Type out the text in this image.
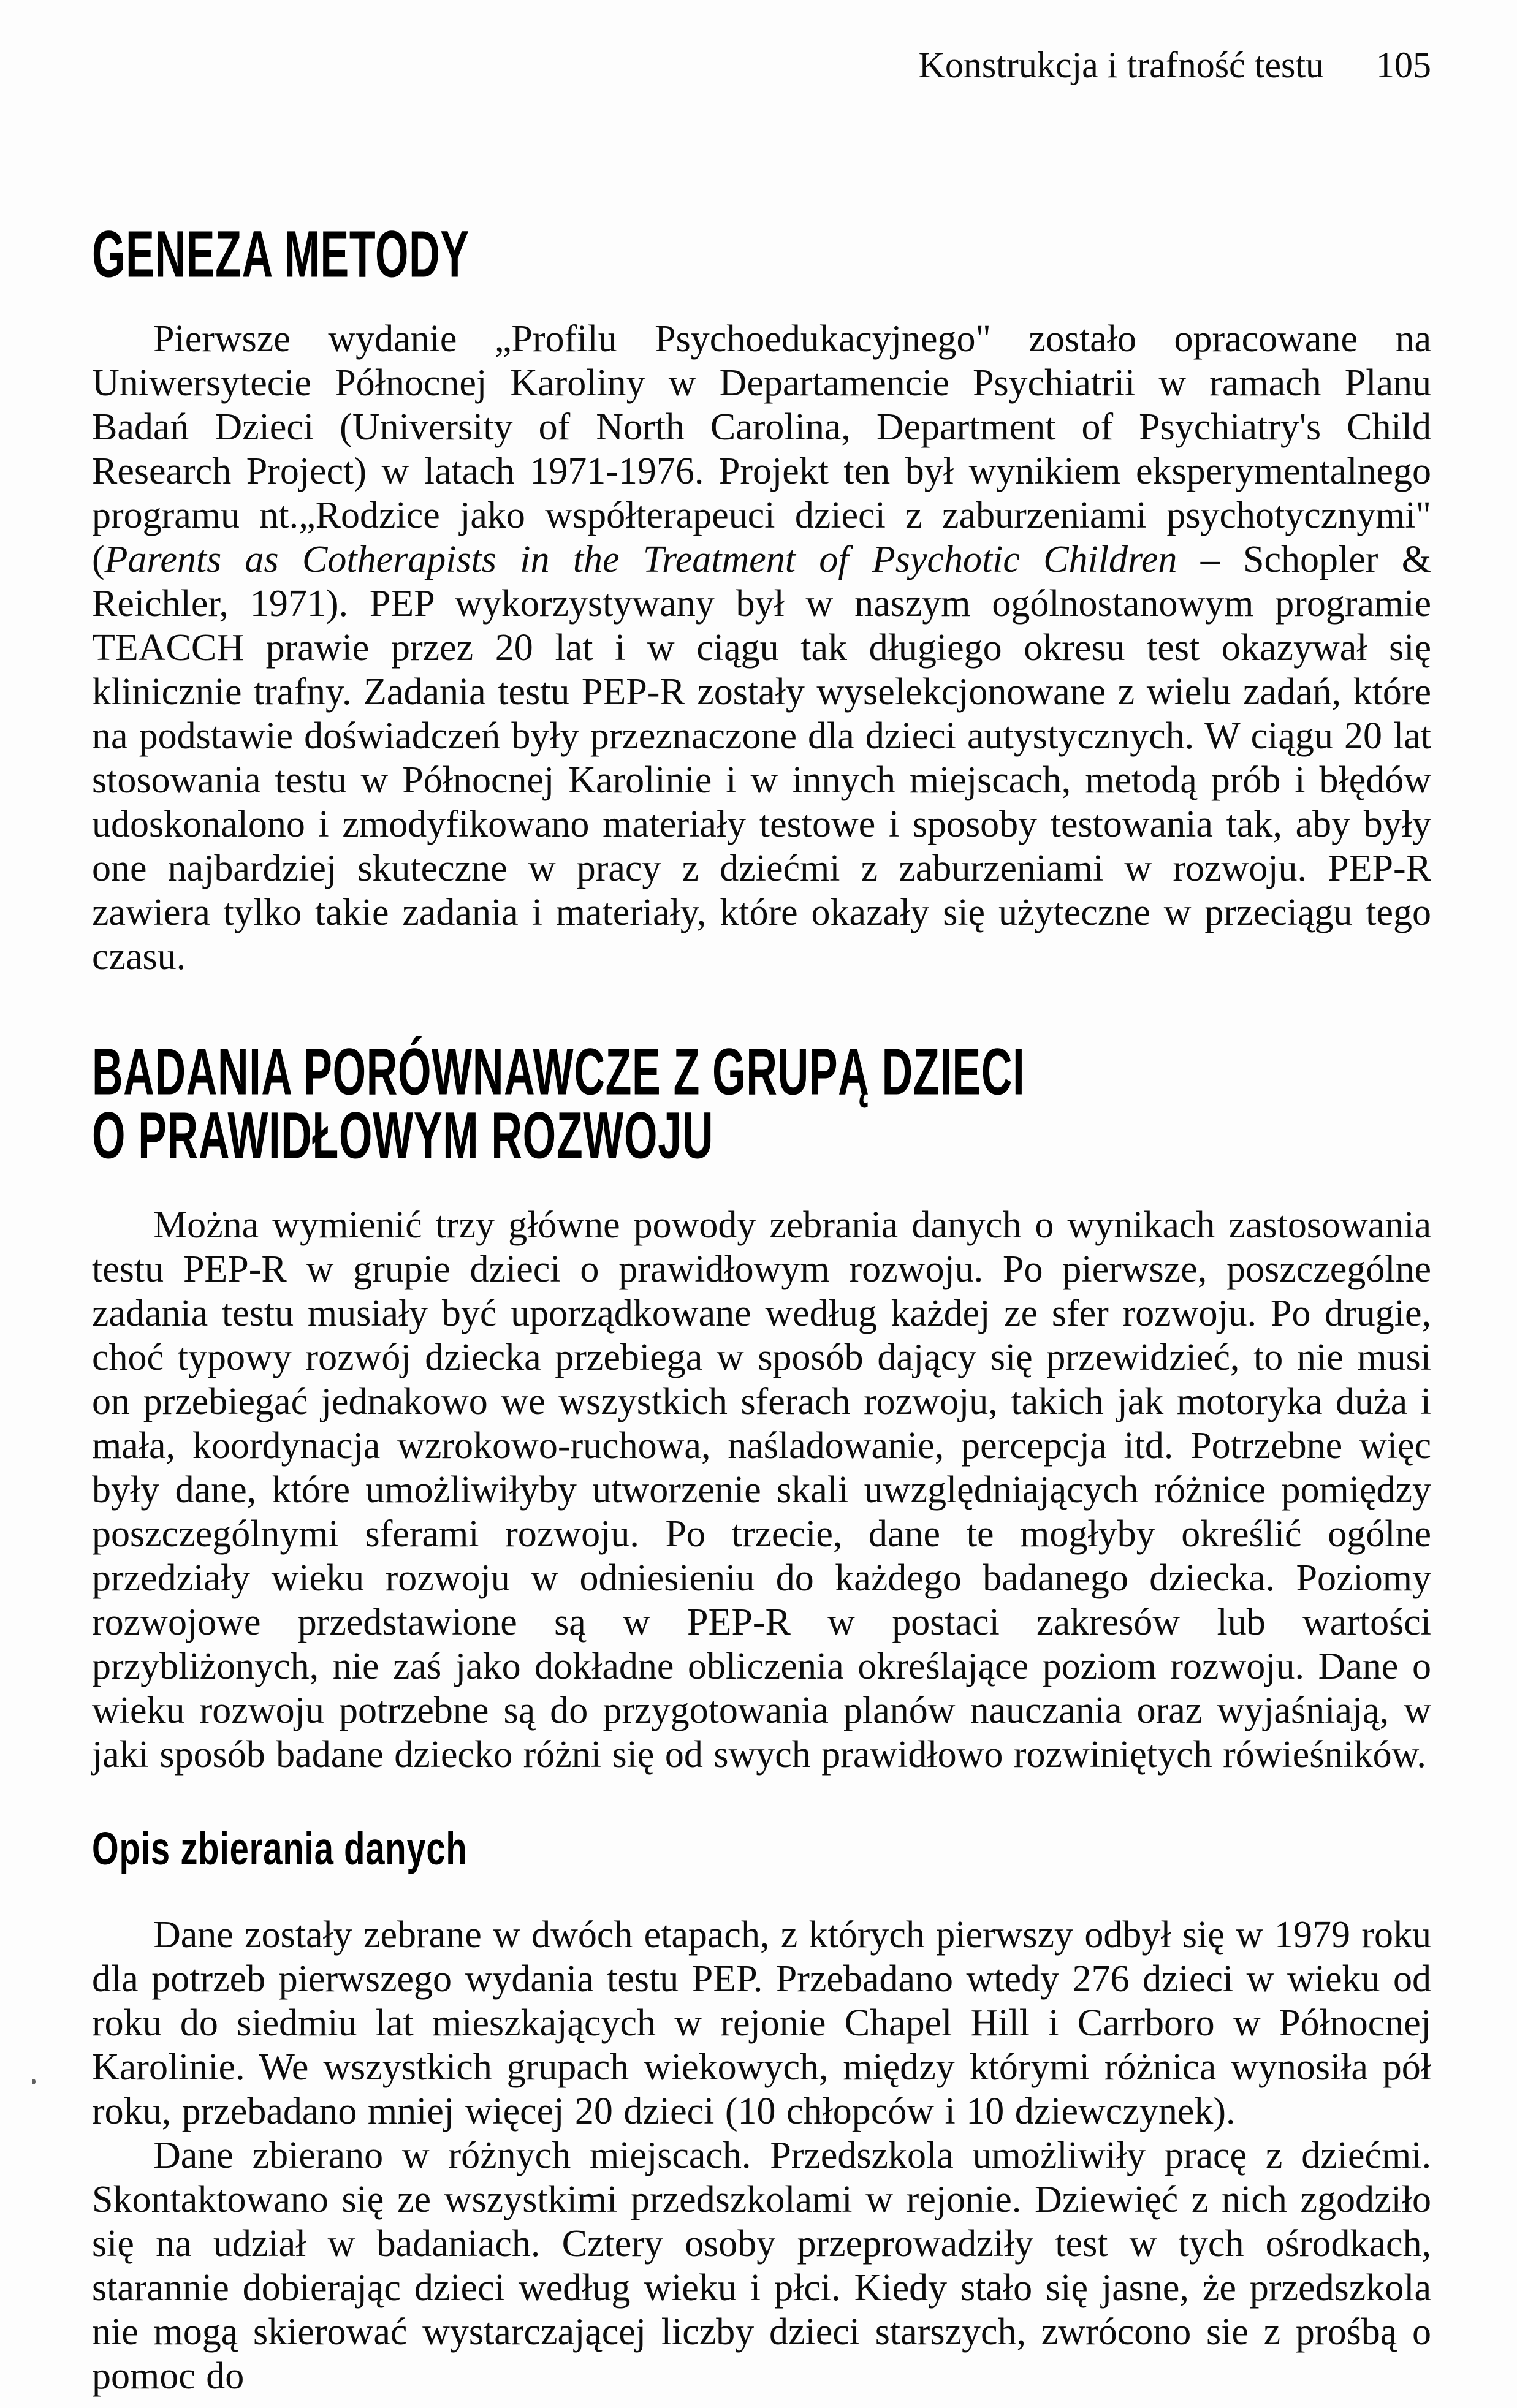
Konstrukcja i trafność testu 105
GENEZA METODY

Pierwsze wydanie „Profilu Psychoedukacyjnego" zostało opracowane na Uniwersytecie Północnej Karoliny w Departamencie Psychiatrii w ramach Planu Badań Dzieci (University of North Carolina, Department of Psychiatry's Child Research Project) w latach 1971-1976. Projekt ten był wynikiem eksperymentalnego programu nt.„Rodzice jako współterapeuci dzieci z zaburzeniami psychotycznymi" (Parents as Cotherapists in the Treatment of Psychotic Children – Schopler & Reichler, 1971). PEP wykorzystywany był w naszym ogólnostanowym programie TEACCH prawie przez 20 lat i w ciągu tak długiego okresu test okazywał się klinicznie trafny. Zadania testu PEP-R zostały wyselekcjonowane z wielu zadań, które na podstawie doświadczeń były przeznaczone dla dzieci autystycznych. W ciągu 20 lat stosowania testu w Północnej Karolinie i w innych miejscach, metodą prób i błędów udoskonalono i zmodyfikowano materiały testowe i sposoby testowania tak, aby były one najbardziej skuteczne w pracy z dziećmi z zaburzeniami w rozwoju. PEP-R zawiera tylko takie zadania i materiały, które okazały się użyteczne w przeciągu tego czasu.

BADANIA PORÓWNAWCZE Z GRUPĄ DZIECI
O PRAWIDŁOWYM ROZWOJU

Można wymienić trzy główne powody zebrania danych o wynikach zastosowania testu PEP-R w grupie dzieci o prawidłowym rozwoju. Po pierwsze, poszczególne zadania testu musiały być uporządkowane według każdej ze sfer rozwoju. Po drugie, choć typowy rozwój dziecka przebiega w sposób dający się przewidzieć, to nie musi on przebiegać jednakowo we wszystkich sferach rozwoju, takich jak motoryka duża i mała, koordynacja wzrokowo-ruchowa, naśladowanie, percepcja itd. Potrzebne więc były dane, które umożliwiłyby utworzenie skali uwzględniających różnice pomiędzy poszczególnymi sferami rozwoju. Po trzecie, dane te mogłyby określić ogólne przedziały wieku rozwoju w odniesieniu do każdego badanego dziecka. Poziomy rozwojowe przedstawione są w PEP-R w postaci zakresów lub wartości przybliżonych, nie zaś jako dokładne obliczenia określające poziom rozwoju. Dane o wieku rozwoju potrzebne są do przygotowania planów nauczania oraz wyjaśniają, w jaki sposób badane dziecko różni się od swych prawidłowo rozwiniętych rówieśników.

Opis zbierania danych

Dane zostały zebrane w dwóch etapach, z których pierwszy odbył się w 1979 roku dla potrzeb pierwszego wydania testu PEP. Przebadano wtedy 276 dzieci w wieku od roku do siedmiu lat mieszkających w rejonie Chapel Hill i Carrboro w Północnej Karolinie. We wszystkich grupach wiekowych, między którymi różnica wynosiła pół roku, przebadano mniej więcej 20 dzieci (10 chłopców i 10 dziewczynek).

Dane zbierano w różnych miejscach. Przedszkola umożliwiły pracę z dziećmi. Skontaktowano się ze wszystkimi przedszkolami w rejonie. Dziewięć z nich zgodziło się na udział w badaniach. Cztery osoby przeprowadziły test w tych ośrodkach, starannie dobierając dzieci według wieku i płci. Kiedy stało się jasne, że przedszkola nie mogą skierować wystarczającej liczby dzieci starszych, zwrócono sie z prośbą o pomoc do
